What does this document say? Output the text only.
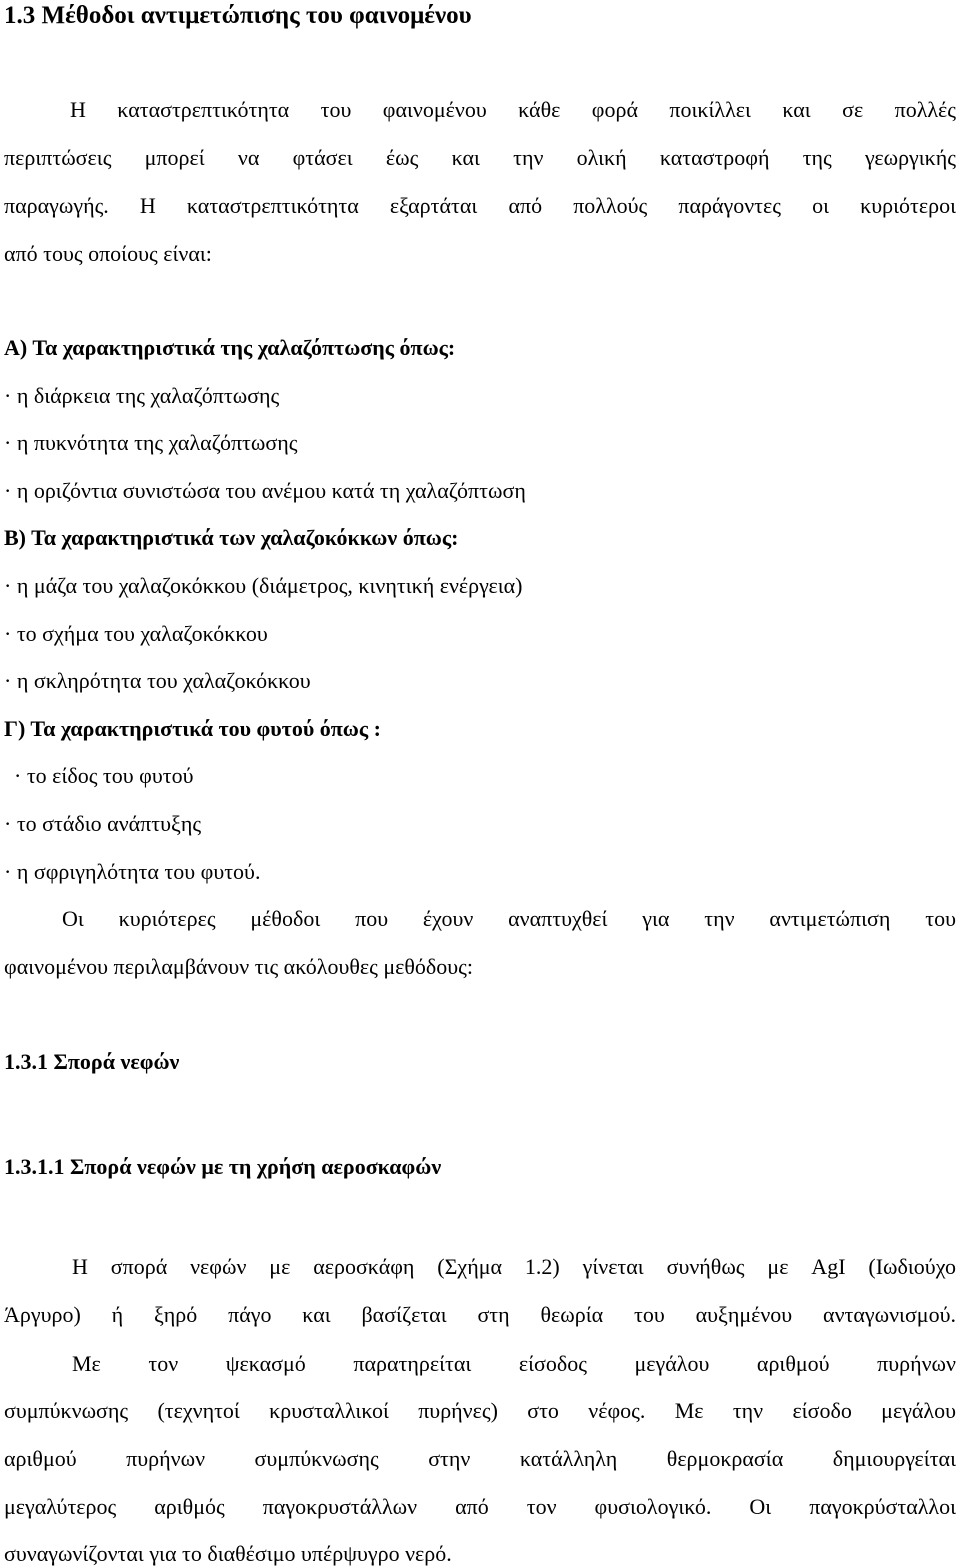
1.3 Μέθοδοι αντιμετώπισης του φαινομένου
Η καταστρεπτικότητα του φαινομένου κάθε φορά ποικίλλει και σε πολλές
περιπτώσεις μπορεί να φτάσει έως και την ολική καταστροφή της γεωργικής
παραγωγής. Η καταστρεπτικότητα εξαρτάται από πολλούς παράγοντες οι κυριότεροι
από τους οποίους είναι:
Α) Τα χαρακτηριστικά της χαλαζόπτωσης όπως:
· η διάρκεια της χαλαζόπτωσης
· η πυκνότητα της χαλαζόπτωσης
· η οριζόντια συνιστώσα του ανέμου κατά τη χαλαζόπτωση
Β) Τα χαρακτηριστικά των χαλαζοκόκκων όπως:
· η μάζα του χαλαζοκόκκου (διάμετρος, κινητική ενέργεια)
· το σχήμα του χαλαζοκόκκου
· η σκληρότητα του χαλαζοκόκκου
Γ) Τα χαρακτηριστικά του φυτού όπως :
· το είδος του φυτού
· το στάδιο ανάπτυξης
· η σφριγηλότητα του φυτού.
Οι κυριότερες μέθοδοι που έχουν αναπτυχθεί για την αντιμετώπιση του
φαινομένου περιλαμβάνουν τις ακόλουθες μεθόδους:
1.3.1 Σπορά νεφών
1.3.1.1 Σπορά νεφών με τη χρήση αεροσκαφών
Η σπορά νεφών με αεροσκάφη (Σχήμα 1.2) γίνεται συνήθως με AgI (Ιωδιούχο
Άργυρο) ή ξηρό πάγο και βασίζεται στη θεωρία του αυξημένου ανταγωνισμού.
Με τον ψεκασμό παρατηρείται είσοδος μεγάλου αριθμού πυρήνων
συμπύκνωσης (τεχνητοί κρυσταλλικοί πυρήνες) στο νέφος. Με την είσοδο μεγάλου
αριθμού πυρήνων συμπύκνωσης στην κατάλληλη θερμοκρασία δημιουργείται
μεγαλύτερος αριθμός παγοκρυστάλλων από τον φυσιολογικό. Οι παγοκρύσταλλοι
συναγωνίζονται για το διαθέσιμο υπέρψυγρο νερό.
